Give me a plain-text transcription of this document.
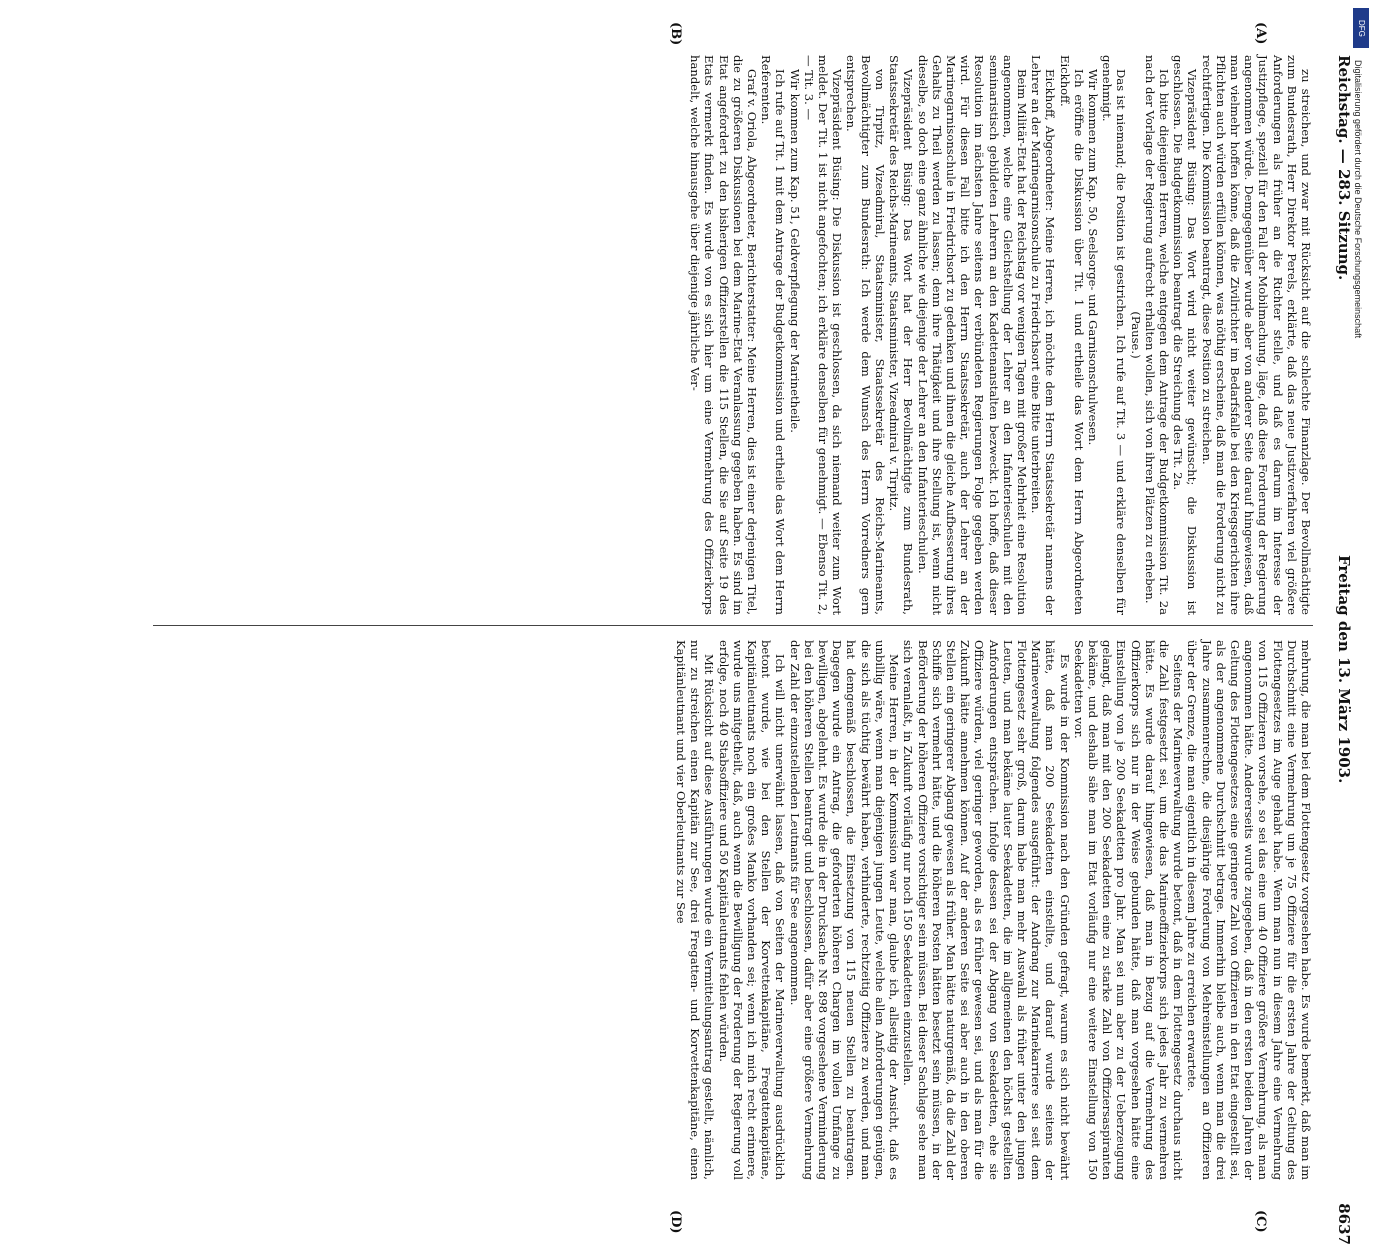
Reichstag. — 283. Sitzung.
Freitag den 13. März 1903.
8637
(A)
(B)
(C)
(D)

zu streichen, und zwar mit Rücksicht auf die schlechte Finanzlage. Der Bevollmächtigte zum Bundesrath, Herr Direktor Perels, erklärte, daß das neue Justizverfahren viel größere Anforderungen als früher an die Richter stelle, und daß es darum im Interesse der Justizpflege, speziell für den Fall der Mobilmachung, läge, daß diese Forderung der Regierung angenommen würde. Demgegenüber wurde aber von anderer Seite darauf hingewiesen, daß man vielmehr hoffen könne, daß die Zivilrichter im Bedarfsfalle bei den Kriegsgerichten ihre Pflichten auch würden erfüllen können, was nöthig erscheine, daß man die Forderung nicht zu rechtfertigen. Die Kommission beantragt, diese Position zu streichen.

Vizepräsident Büsing: Das Wort wird nicht weiter gewünscht; die Diskussion ist geschlossen. Die Budgetkommission beantragt die Streichung des Tit. 2a.

Ich bitte diejenigen Herren, welche entgegen dem Antrage der Budgetkommission Tit. 2a nach der Vorlage der Regierung aufrecht erhalten wollen, sich von ihren Plätzen zu erheben.

(Pause.)

Das ist niemand; die Position ist gestrichen. Ich rufe auf Tit. 3 — und erkläre denselben für genehmigt.

Wir kommen zum Kap. 50, Seelsorge- und Garnisonschulwesen.

Ich eröffne die Diskussion über Tit. 1 und ertheile das Wort dem Herrn Abgeordneten Eickhoff.

Eickhoff, Abgeordneter: Meine Herren, ich möchte dem Herrn Staatssekretär namens der Lehrer an der Marinegarnisonschule zu Friedrichsort eine Bitte unterbreiten.

Beim Militär-Etat hat der Reichstag vor wenigen Tagen mit großer Mehrheit eine Resolution angenommen, welche eine Gleichstellung der Lehrer an den Infanterieschulen mit den seminaristisch gebildeten Lehrern an den Kadettenanstalten bezweckt. Ich hoffe, daß dieser Resolution im nächsten Jahre seitens der verbündeten Regierungen Folge gegeben werden wird. Für diesen Fall bitte ich den Herrn Staatssekretär, auch der Lehrer an der Marinegarnisonschule in Friedrichsort zu gedenken und ihnen die gleiche Aufbesserung ihres Gehalts zu Theil werden zu lassen; denn ihre Thätigkeit und ihre Stellung ist, wenn nicht dieselbe, so doch eine ganz ähnliche wie diejenige der Lehrer an den Infanterieschulen.

Vizepräsident Büsing: Das Wort hat der Herr Bevollmächtigte zum Bundesrath, Staatssekretär des Reichs-Marineamts, Staatsminister, Vizeadmiral v. Tirpitz.

von Tirpitz, Vizeadmiral, Staatsminister, Staatssekretär des Reichs-Marineamts, Bevollmächtigter zum Bundesrath: Ich werde dem Wunsch des Herrn Vorredners gern entsprechen.

Vizepräsident Büsing: Die Diskussion ist geschlossen, da sich niemand weiter zum Wort meldet. Der Tit. 1 ist nicht angefochten; ich erkläre denselben für genehmigt. — Ebenso Tit. 2, — Tit. 3. —

Wir kommen zum Kap. 51, Geldverpflegung der Marinetheile.

Ich rufe auf Tit. 1 mit dem Antrage der Budgetkommission und ertheile das Wort dem Herrn Referenten.

Graf v. Oriola, Abgeordneter, Berichterstatter: Meine Herren, dies ist einer derjenigen Titel, die zu größeren Diskussionen bei dem Marine-Etat Veranlassung gegeben haben. Es sind im Etat angefordert zu den bisherigen Offizierstellen die 115 Stellen, die Sie auf Seite 19 des Etats vermerkt finden. Es wurde von es sich hier um eine Vermehrung des Offizierkorps handelt, welche hinausgehe über diejenige jährliche Ver-

mehrung, die man bei dem Flottengesetz vorgesehen habe. Es wurde bemerkt, daß man im Durchschnitt eine Vermehrung um je 75 Offiziere für die ersten Jahre der Geltung des Flottengesetzes im Auge gehabt habe. Wenn man nun in diesem Jahre eine Vermehrung von 115 Offizieren vorsehe, so sei das eine um 40 Offiziere größere Vermehrung, als man angenommen hätte. Andererseits wurde zugegeben, daß in den ersten beiden Jahren der Geltung des Flottengesetzes eine geringere Zahl von Offizieren in den Etat eingestellt sei, als der angenommene Durchschnitt betrage. Immerhin bleibe auch, wenn man die drei Jahre zusammenrechne, die diesjährige Forderung von Mehreinstellungen an Offizieren über der Grenze, die man eigentlich in diesem Jahre zu erreichen erwartete.

Seitens der Marineverwaltung wurde betont, daß in dem Flottengesetz durchaus nicht die Zahl festgesetzt sei, um die das Marineoffizierkorps sich jedes Jahr zu vermehren hätte. Es wurde darauf hingewiesen, daß man in Bezug auf die Vermehrung des Offizierkorps sich nur in der Weise gebunden hätte, daß man vorgesehen hätte eine Einstellung von je 200 Seekadetten pro Jahr. Man sei nun aber zu der Ueberzeugung gelangt, daß man mit den 200 Seekadetten eine zu starke Zahl von Offiziersaspiranten bekäme, und deshalb sähe man im Etat vorläufig nur eine weitere Einstellung von 150 Seekadetten vor.

Es wurde in der Kommission nach den Gründen gefragt, warum es sich nicht bewährt hätte, daß man 200 Seekadetten einstellte, und darauf wurde seitens der Marineverwaltung folgendes ausgeführt: der Andrang zur Marinekarriere sei seit dem Flottengesetz sehr groß, darum habe man mehr Auswahl als früher unter den jungen Leuten, und man bekäme lauter Seekadetten, die im allgemeinen den höchst gestellten Anforderungen entsprächen. Infolge dessen sei der Abgang von Seekadetten, ehe sie Offiziere würden, viel geringer geworden, als es früher gewesen sei, und als man für die Zukunft hätte annehmen können. Auf der anderen Seite sei aber auch in den oberen Stellen ein geringerer Abgang gewesen als früher. Man hätte naturgemäß, da die Zahl der Schiffe sich vermehrt hätte, und die höheren Posten hätten besetzt sein müssen, in der Beförderung der höheren Offiziere vorsichtiger sein müssen. Bei dieser Sachlage sehe man sich veranlaßt, in Zukunft vorläufig nur noch 150 Seekadetten einzustellen.

Meine Herren, in der Kommission war man, glaube ich, allseitig der Ansicht, daß es unbillig wäre, wenn man diejenigen jungen Leute, welche allen Anforderungen genügen, die sich als tüchtig bewährt haben, verhinderte, rechtzeitig Offiziere zu werden, und man hat demgemäß beschlossen, die Einsetzung von 115 neuen Stellen zu beantragen. Dagegen wurde ein Antrag, die geforderten höheren Chargen im vollen Umfange zu bewilligen, abgelehnt. Es wurde die in der Drucksache Nr. 898 vorgesehene Verminderung bei den höheren Stellen beantragt und beschlossen, dafür aber eine größere Vermehrung der Zahl der einzustellenden Leutnants für See angenommen.

Ich will nicht unerwähnt lassen, daß von Seiten der Marineverwaltung ausdrücklich betont wurde, wie bei den Stellen der Korvettenkapitäne, Fregattenkapitäne, Kapitänleutnants noch ein großes Manko vorhanden sei; wenn ich mich recht erinnere, wurde uns mitgetheilt, daß, auch wenn die Bewilligung der Forderung der Regierung voll erfolge, noch 40 Stabsoffiziere und 50 Kapitänleutnants fehlen würden.

Mit Rücksicht auf diese Ausführungen wurde ein Vermittelungsantrag gestellt, nämlich, nur zu streichen einen Kapitän zur See, drei Fregatten- und Korvettenkapitäne, einen Kapitänleutnant und vier Oberleutnants zur See

DFG
Digitalisierung gefördert durch die Deutsche Forschungsgemeinschaft
